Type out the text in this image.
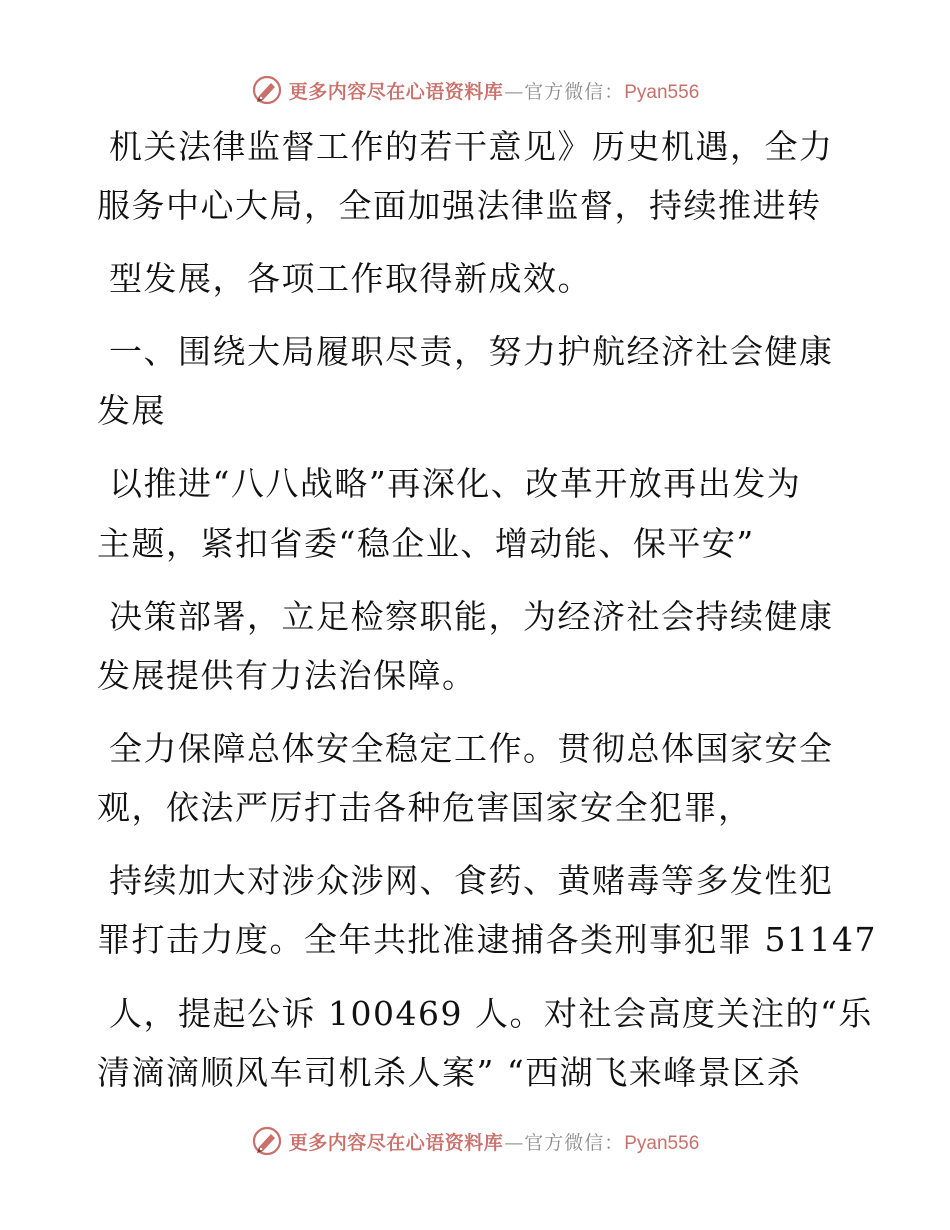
更多内容尽在心语资料库 — 官方微信： Pyan556
机关法律监督工作的若干意见》历史机遇，全力
服务中心大局，全面加强法律监督，持续推进转
型发展，各项工作取得新成效。
一、围绕大局履职尽责，努力护航经济社会健康
发展
以推进“八八战略”再深化、改革开放再出发为
主题，紧扣省委“稳企业、增动能、保平安”
决策部署，立足检察职能，为经济社会持续健康
发展提供有力法治保障。
全力保障总体安全稳定工作。贯彻总体国家安全
观，依法严厉打击各种危害国家安全犯罪，
持续加大对涉众涉网、食药、黄赌毒等多发性犯
罪打击力度。全年共批准逮捕各类刑事犯罪 51147
人，提起公诉 100469 人。对社会高度关注的“乐
清滴滴顺风车司机杀人案” “西湖飞来峰景区杀
更多内容尽在心语资料库 — 官方微信： Pyan556
